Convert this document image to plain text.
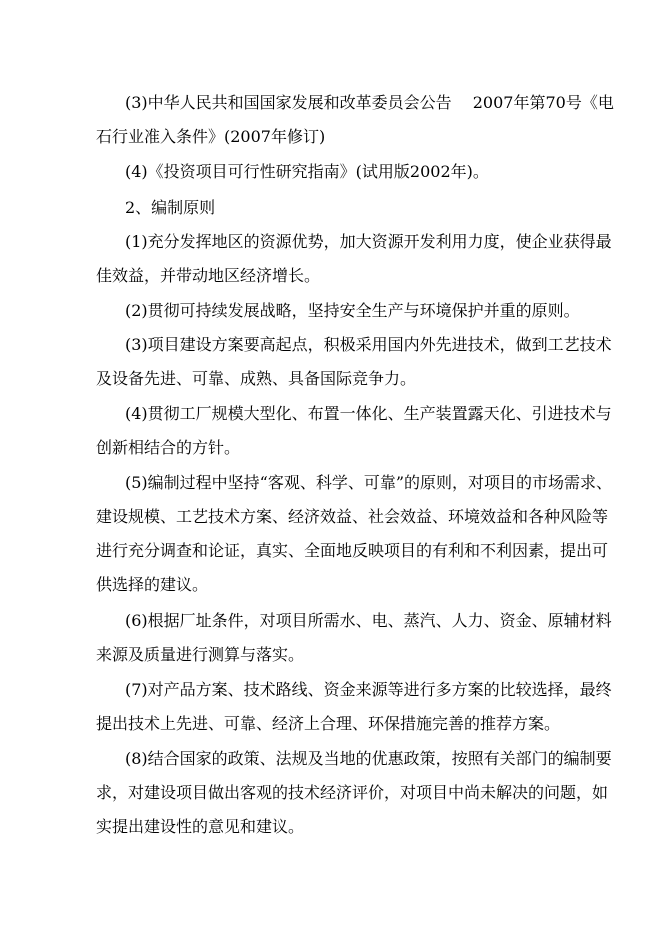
(3)中华人民共和国国家发展和改革委员会公告 　2007年第70号《电
石行业准入条件》(2007年修订)
(4)《投资项目可行性研究指南》(试用版2002年)。
2、编制原则
(1)充分发挥地区的资源优势，加大资源开发利用力度，使企业获得最
佳效益，并带动地区经济增长。
(2)贯彻可持续发展战略，坚持安全生产与环境保护并重的原则。
(3)项目建设方案要高起点，积极采用国内外先进技术，做到工艺技术
及设备先进、可靠、成熟、具备国际竞争力。
(4)贯彻工厂规模大型化、布置一体化、生产装置露天化、引进技术与
创新相结合的方针。
(5)编制过程中坚持“客观、科学、可靠”的原则，对项目的市场需求、
建设规模、工艺技术方案、经济效益、社会效益、环境效益和各种风险等
进行充分调查和论证，真实、全面地反映项目的有利和不利因素，提出可
供选择的建议。
(6)根据厂址条件，对项目所需水、电、蒸汽、人力、资金、原辅材料
来源及质量进行测算与落实。
(7)对产品方案、技术路线、资金来源等进行多方案的比较选择，最终
提出技术上先进、可靠、经济上合理、环保措施完善的推荐方案。
(8)结合国家的政策、法规及当地的优惠政策，按照有关部门的编制要
求，对建设项目做出客观的技术经济评价，对项目中尚未解决的问题，如
实提出建设性的意见和建议。
